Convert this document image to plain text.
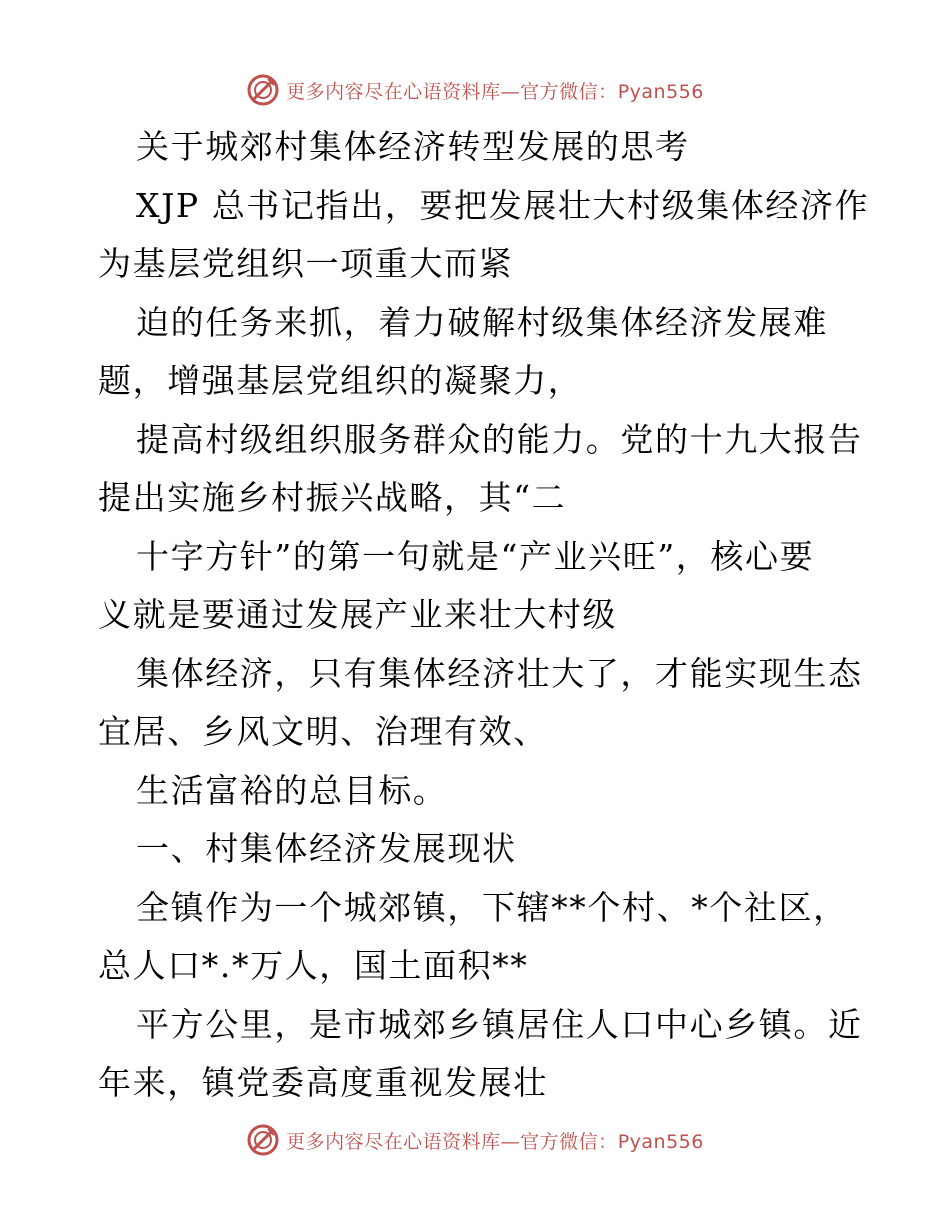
更多内容尽在心语资料库—官方微信：Pyan556
关于城郊村集体经济转型发展的思考
XJP 总书记指出，要把发展壮大村级集体经济作
为基层党组织一项重大而紧
迫的任务来抓，着力破解村级集体经济发展难
题，增强基层党组织的凝聚力，
提高村级组织服务群众的能力。党的十九大报告
提出实施乡村振兴战略，其“二
十字方针”的第一句就是“产业兴旺”，核心要
义就是要通过发展产业来壮大村级
集体经济，只有集体经济壮大了，才能实现生态
宜居、乡风文明、治理有效、
生活富裕的总目标。
一、村集体经济发展现状
全镇作为一个城郊镇，下辖**个村、*个社区，
总人口*.*万人，国土面积**
平方公里，是市城郊乡镇居住人口中心乡镇。近
年来，镇党委高度重视发展壮
更多内容尽在心语资料库—官方微信：Pyan556
